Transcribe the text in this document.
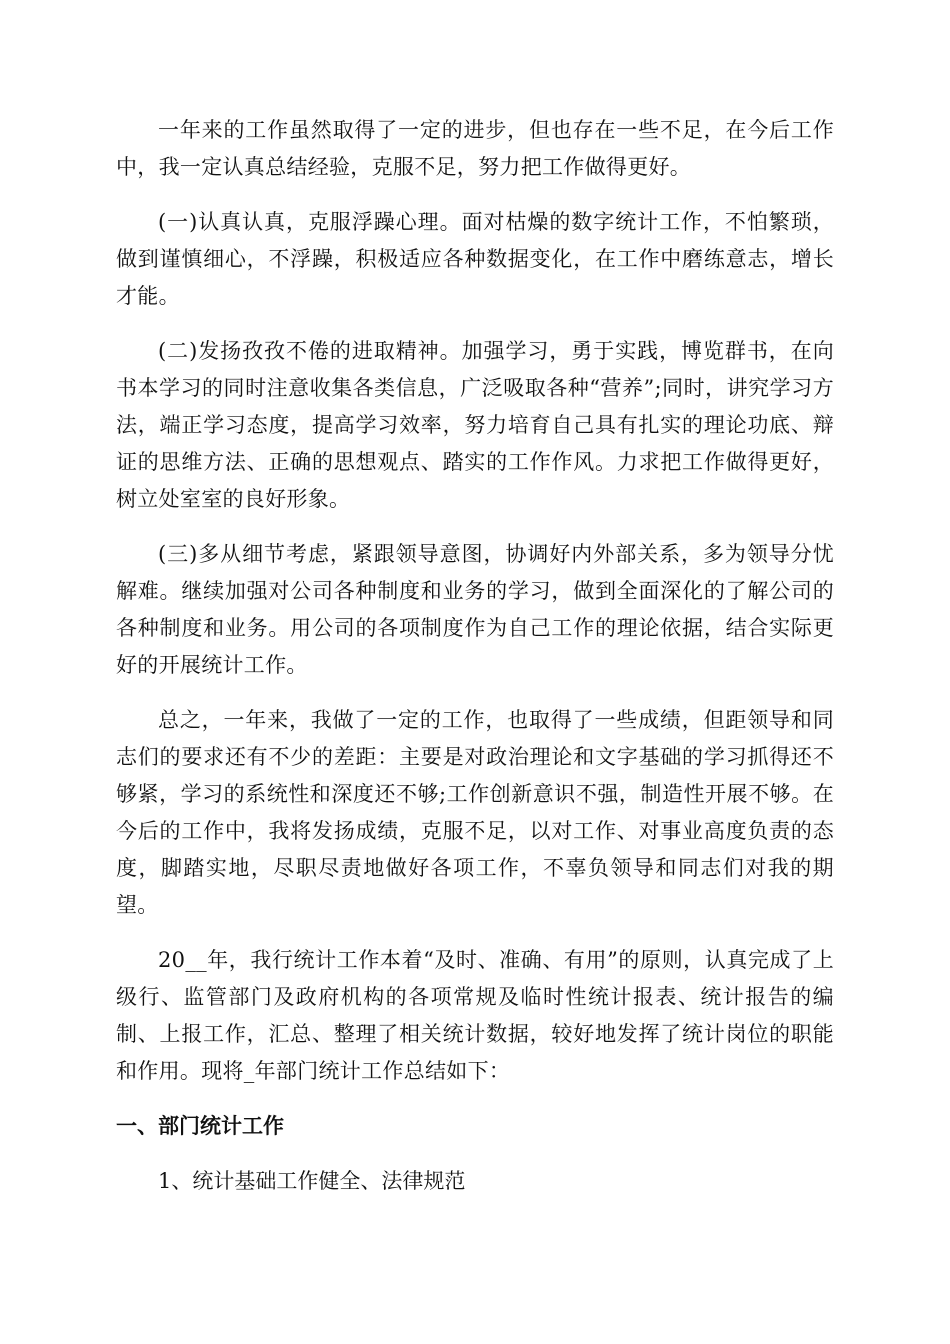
一年来的工作虽然取得了一定的进步，但也存在一些不足，在今后工作中，我一定认真总结经验，克服不足，努力把工作做得更好。

(一)认真认真，克服浮躁心理。面对枯燥的数字统计工作，不怕繁琐，做到谨慎细心，不浮躁，积极适应各种数据变化，在工作中磨练意志，增长才能。

(二)发扬孜孜不倦的进取精神。加强学习，勇于实践，博览群书，在向书本学习的同时注意收集各类信息，广泛吸取各种“营养”;同时，讲究学习方法，端正学习态度，提高学习效率，努力培育自己具有扎实的理论功底、辩证的思维方法、正确的思想观点、踏实的工作作风。力求把工作做得更好，树立处室室的良好形象。

(三)多从细节考虑，紧跟领导意图，协调好内外部关系，多为领导分忧解难。继续加强对公司各种制度和业务的学习，做到全面深化的了解公司的各种制度和业务。用公司的各项制度作为自己工作的理论依据，结合实际更好的开展统计工作。

总之，一年来，我做了一定的工作，也取得了一些成绩，但距领导和同志们的要求还有不少的差距：主要是对政治理论和文字基础的学习抓得还不够紧，学习的系统性和深度还不够;工作创新意识不强，制造性开展不够。在今后的工作中，我将发扬成绩，克服不足，以对工作、对事业高度负责的态度，脚踏实地，尽职尽责地做好各项工作，不辜负领导和同志们对我的期望。

20__年，我行统计工作本着“及时、准确、有用”的原则，认真完成了上级行、监管部门及政府机构的各项常规及临时性统计报表、统计报告的编制、上报工作，汇总、整理了相关统计数据，较好地发挥了统计岗位的职能和作用。现将_年部门统计工作总结如下：

一、部门统计工作

1、统计基础工作健全、法律规范
